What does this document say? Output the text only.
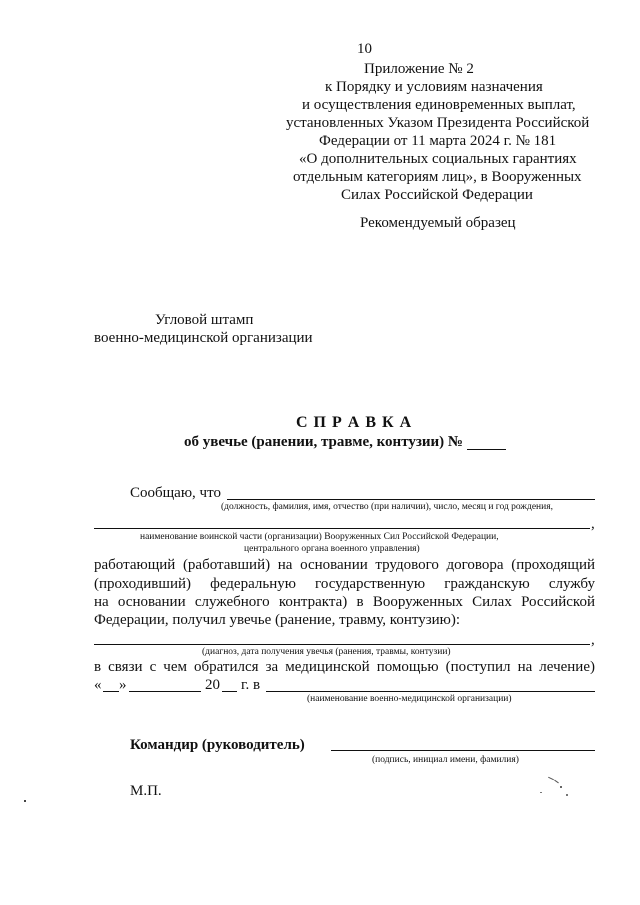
10
Приложение № 2
к Порядку и условиям назначения
и осуществления единовременных выплат,
установленных Указом Президента Российской
Федерации от 11 марта 2024 г. № 181
«О дополнительных социальных гарантиях
отдельным категориям лиц», в Вооруженных
Силах Российской Федерации
Рекомендуемый образец
Угловой штамп
военно-медицинской организации
С П Р А В К А
об увечье (ранении, травме, контузии) №
Сообщаю, что
(должность, фамилия, имя, отчество (при наличии), число, месяц и год рождения,
,
наименование воинской части (организации) Вооруженных Сил Российской Федерации,
центрального органа военного управления)
работающий (работавший) на основании трудового договора (проходящий
(проходивший) федеральную государственную гражданскую службу
на основании служебного контракта) в Вооруженных Силах Российской
Федерации, получил увечье (ранение, травму, контузию):
,
(диагноз, дата получения увечья (ранения, травмы, контузии)
в связи с чем обратился за медицинской помощью (поступил на лечение)
« »	20 г. в
(наименование военно-медицинской организации)
Командир (руководитель)
(подпись, инициал имени, фамилия)
М.П.
